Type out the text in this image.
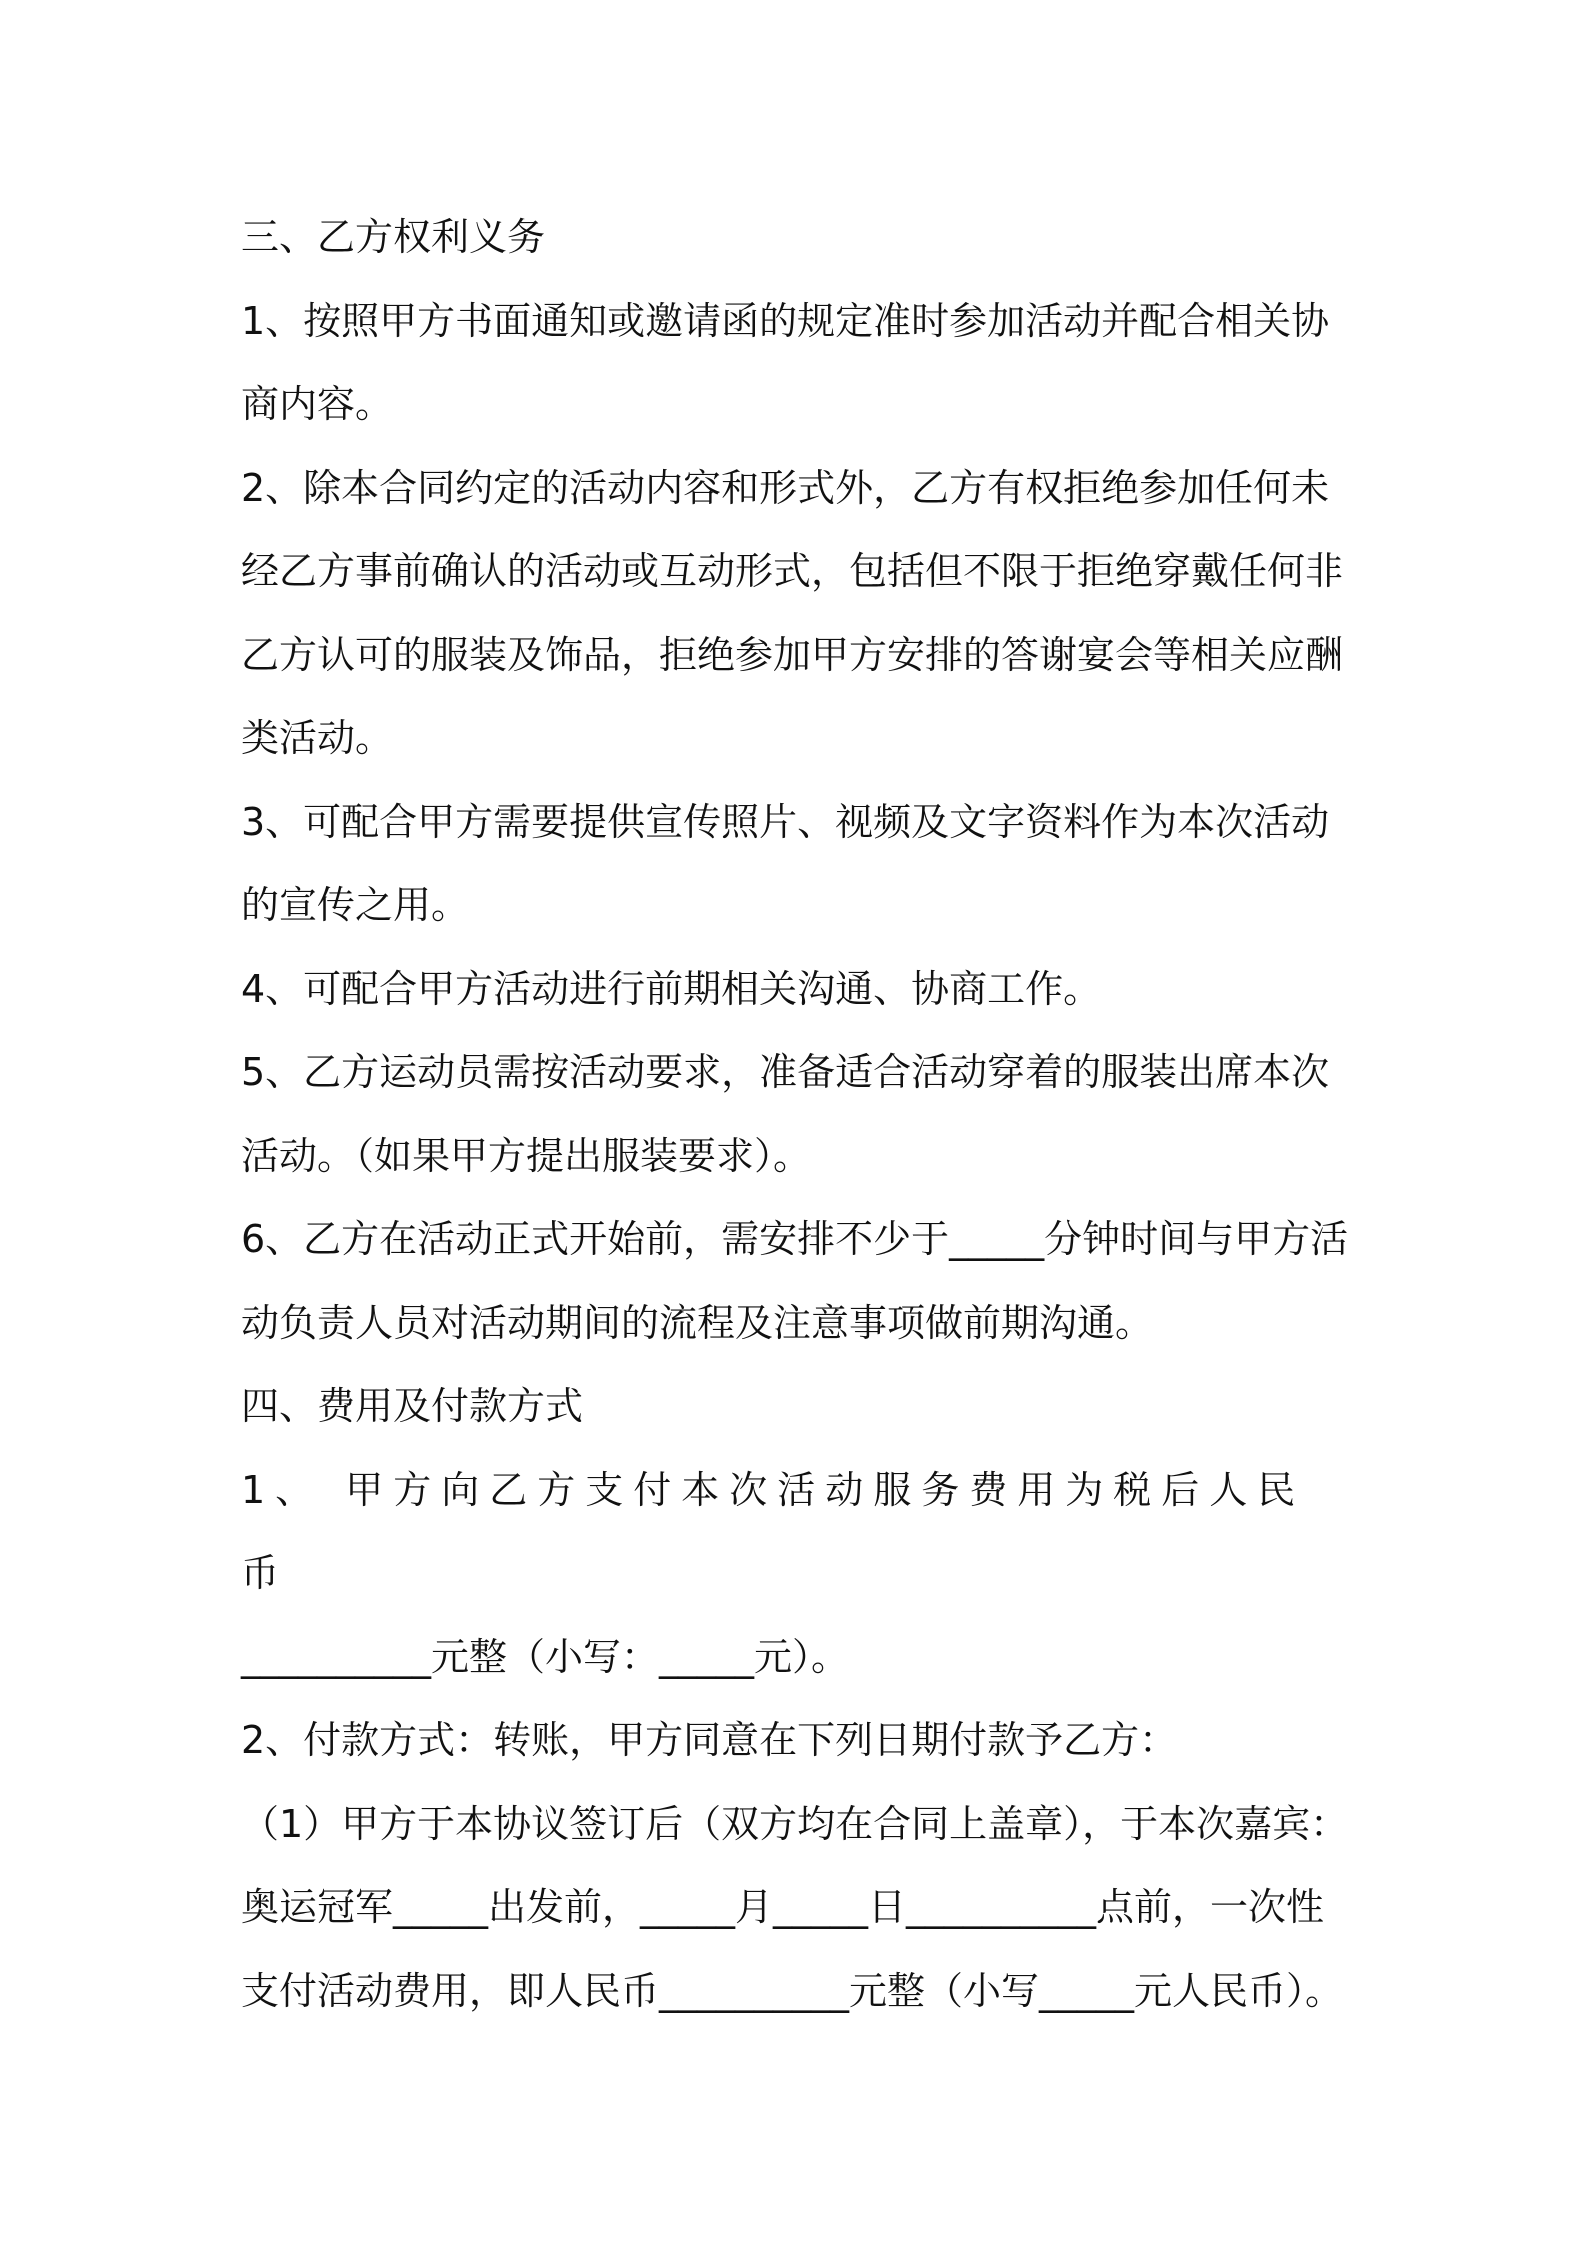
三、乙方权利义务

1、按照甲方书面通知或邀请函的规定准时参加活动并配合相关协商内容。

2、除本合同约定的活动内容和形式外，乙方有权拒绝参加任何未经乙方事前确认的活动或互动形式，包括但不限于拒绝穿戴任何非乙方认可的服装及饰品，拒绝参加甲方安排的答谢宴会等相关应酬类活动。

3、可配合甲方需要提供宣传照片、视频及文字资料作为本次活动的宣传之用。

4、可配合甲方活动进行前期相关沟通、协商工作。

5、乙方运动员需按活动要求，准备适合活动穿着的服装出席本次活动。（如果甲方提出服装要求）。

6、乙方在活动正式开始前，需安排不少于_____分钟时间与甲方活动负责人员对活动期间的流程及注意事项做前期沟通。

四、费用及付款方式

1、 甲方向乙方支付本次活动服务费用为税后人民币

__________元整（小写：_____元）。

2、付款方式：转账，甲方同意在下列日期付款予乙方：

（1）甲方于本协议签订后（双方均在合同上盖章），于本次嘉宾：奥运冠军_____出发前，_____月_____日__________点前，一次性支付活动费用，即人民币__________元整（小写_____元人民币）。
